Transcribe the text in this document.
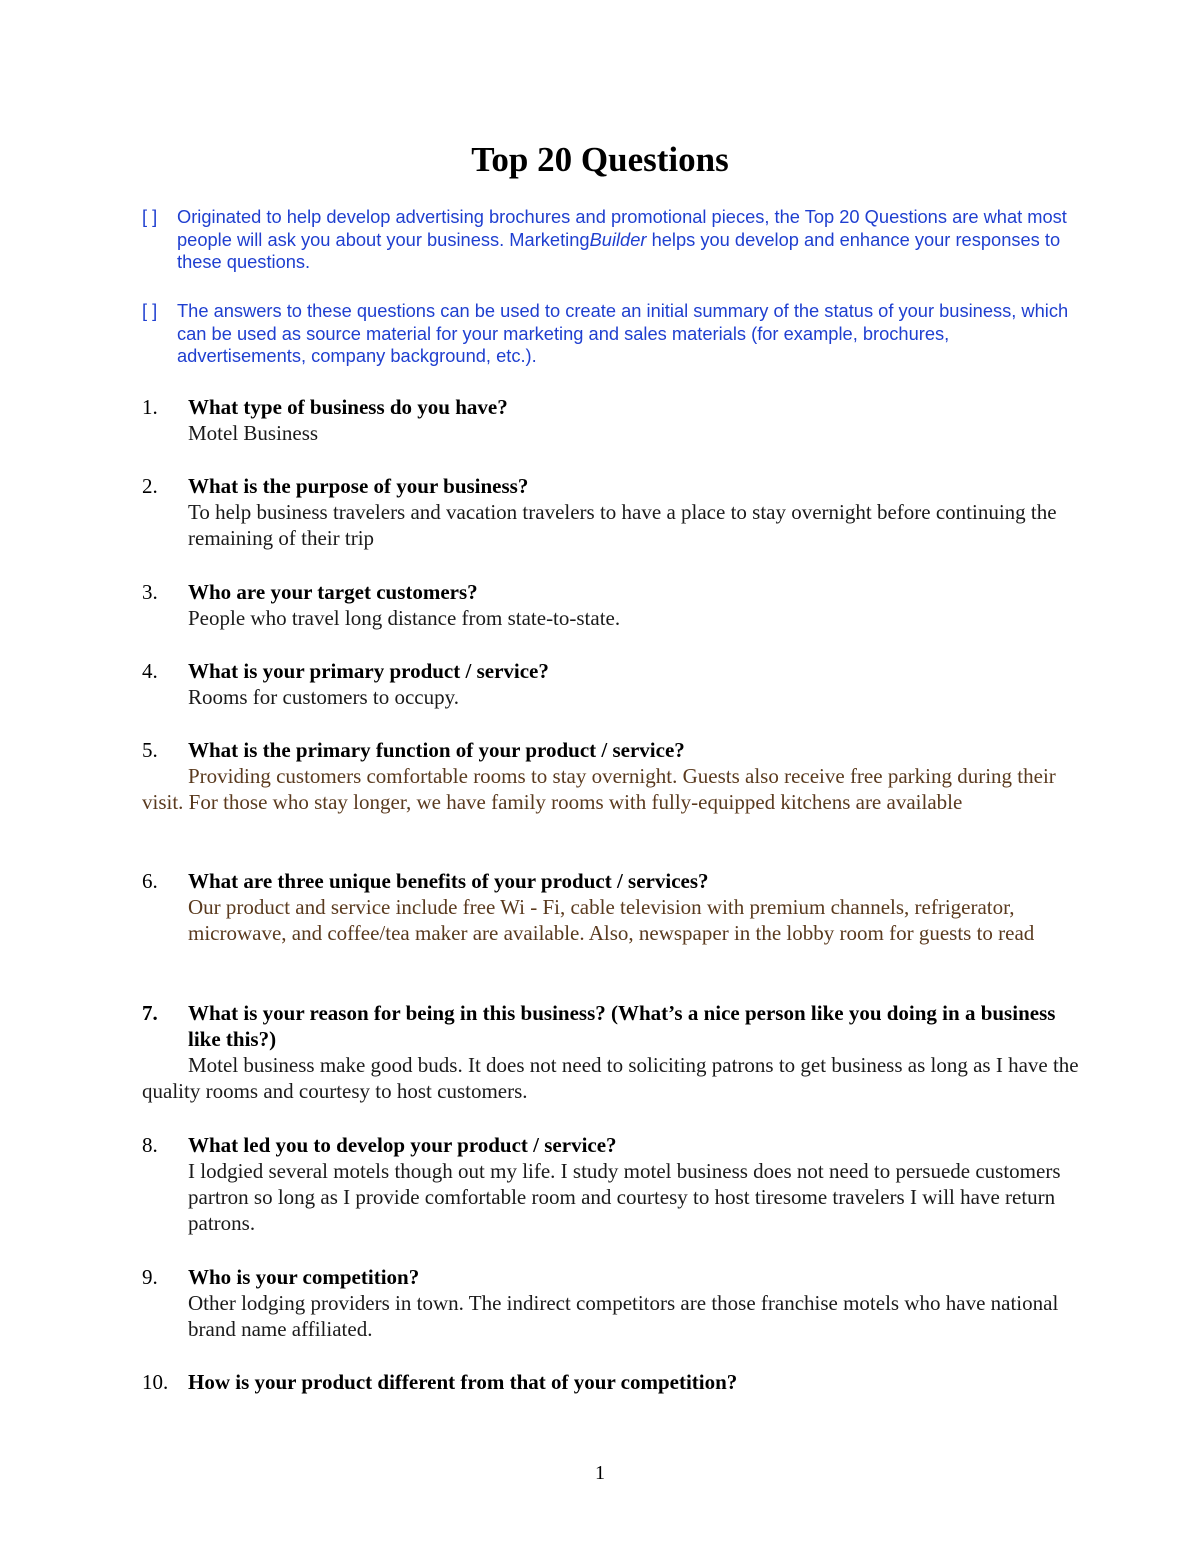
Top 20 Questions
[ ] Originated to help develop advertising brochures and promotional pieces, the Top 20 Questions are what most people will ask you about your business. MarketingBuilder helps you develop and enhance your responses to these questions.
[ ] The answers to these questions can be used to create an initial summary of the status of your business, which can be used as source material for your marketing and sales materials (for example, brochures, advertisements, company background, etc.).
1. What type of business do you have?
Motel Business
2. What is the purpose of your business?
To help business travelers and vacation travelers to have a place to stay overnight before continuing the remaining of their trip
3. Who are your target customers?
People who travel long distance from state-to-state.
4. What is your primary product / service?
Rooms for customers to occupy.
5. What is the primary function of your product / service?
Providing customers comfortable rooms to stay overnight. Guests also receive free parking during their visit. For those who stay longer, we have family rooms with fully-equipped kitchens are available
6. What are three unique benefits of your product / services?
Our product and service include free Wi - Fi, cable television with premium channels, refrigerator, microwave, and coffee/tea maker are available. Also, newspaper in the lobby room for guests to read
7. What is your reason for being in this business? (What’s a nice person like you doing in a business like this?)
Motel business make good buds. It does not need to soliciting patrons to get business as long as I have the quality rooms and courtesy to host customers.
8. What led you to develop your product / service?
I lodgied several motels though out my life. I study motel business does not need to persuede customers partron so long as I provide comfortable room and courtesy to host tiresome travelers I will have return patrons.
9. Who is your competition?
Other lodging providers in town. The indirect competitors are those franchise motels who have national brand name affiliated.
10. How is your product different from that of your competition?
1
